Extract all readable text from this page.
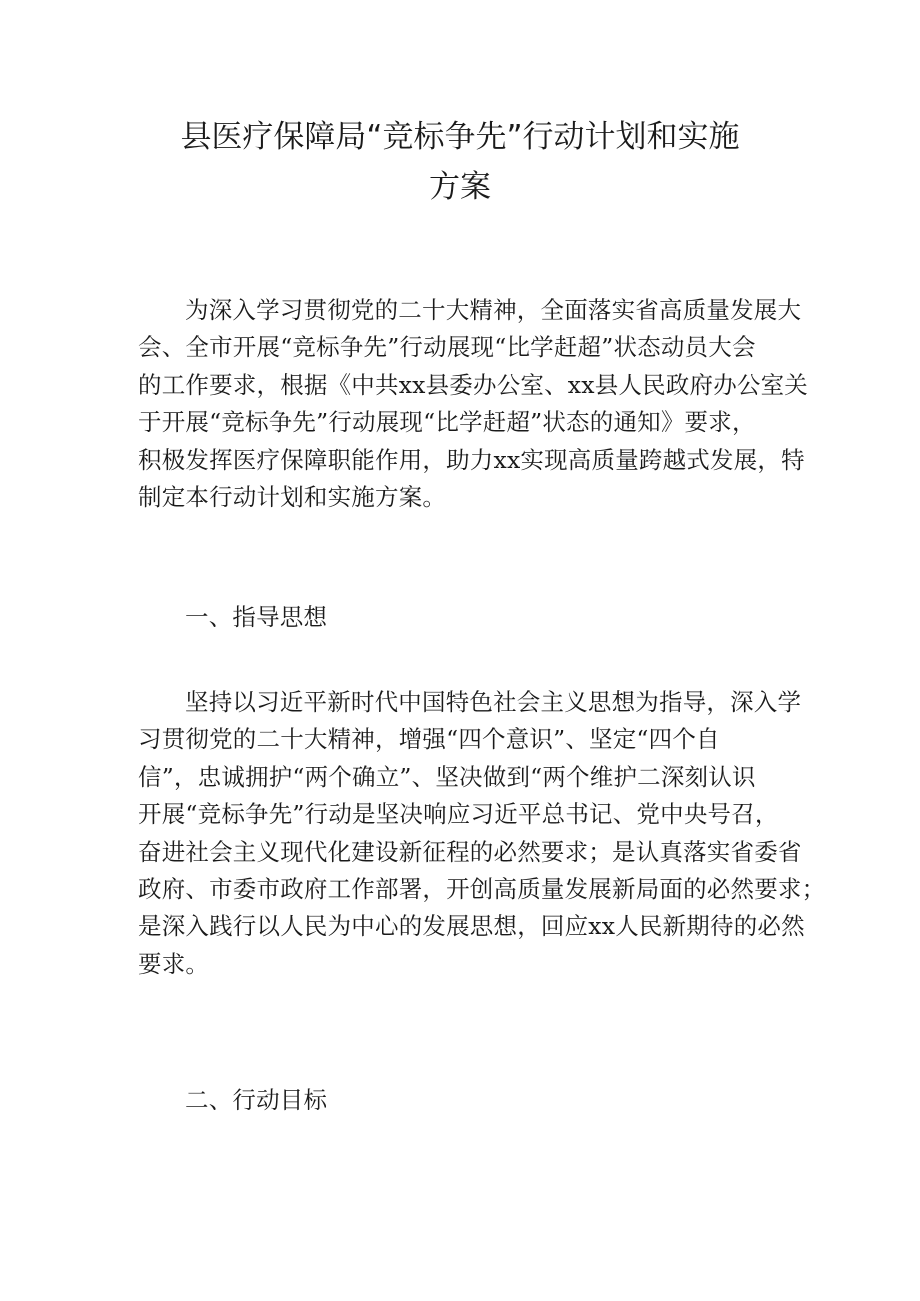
县医疗保障局“竞标争先”行动计划和实施
方案

为深入学习贯彻党的二十大精神，全面落实省高质量发展大
会、全市开展“竞标争先”行动展现“比学赶超”状态动员大会
的工作要求，根据《中共xx县委办公室、xx县人民政府办公室关
于开展“竞标争先”行动展现“比学赶超”状态的通知》要求，
积极发挥医疗保障职能作用，助力xx实现高质量跨越式发展，特
制定本行动计划和实施方案。

一、指导思想

坚持以习近平新时代中国特色社会主义思想为指导，深入学
习贯彻党的二十大精神，增强“四个意识”、坚定“四个自
信”，忠诚拥护“两个确立”、坚决做到“两个维护二深刻认识
开展“竞标争先”行动是坚决响应习近平总书记、党中央号召，
奋进社会主义现代化建设新征程的必然要求；是认真落实省委省
政府、市委市政府工作部署，开创高质量发展新局面的必然要求；
是深入践行以人民为中心的发展思想，回应xx人民新期待的必然
要求。

二、行动目标
